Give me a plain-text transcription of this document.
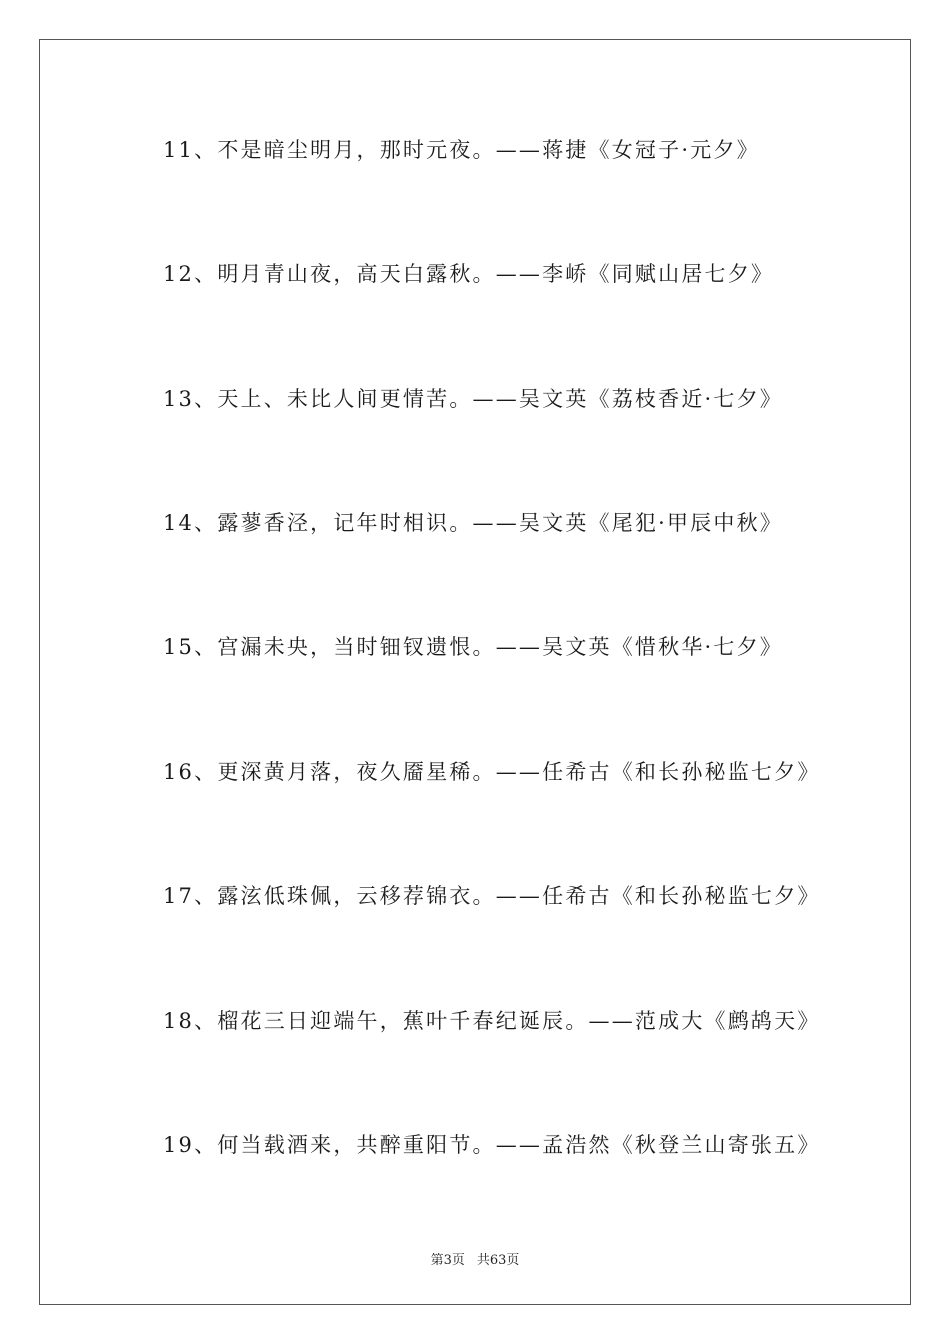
11、不是暗尘明月，那时元夜。——蒋捷《女冠子·元夕》
12、明月青山夜，高天白露秋。——李峤《同赋山居七夕》
13、天上、未比人间更情苦。——吴文英《荔枝香近·七夕》
14、露蓼香泾，记年时相识。——吴文英《尾犯·甲辰中秋》
15、宫漏未央，当时钿钗遗恨。——吴文英《惜秋华·七夕》
16、更深黄月落，夜久靥星稀。——任希古《和长孙秘监七夕》
17、露泫低珠佩，云移荐锦衣。——任希古《和长孙秘监七夕》
18、榴花三日迎端午，蕉叶千春纪诞辰。——范成大《鹧鸪天》
19、何当载酒来，共醉重阳节。——孟浩然《秋登兰山寄张五》
第3页 共63页
